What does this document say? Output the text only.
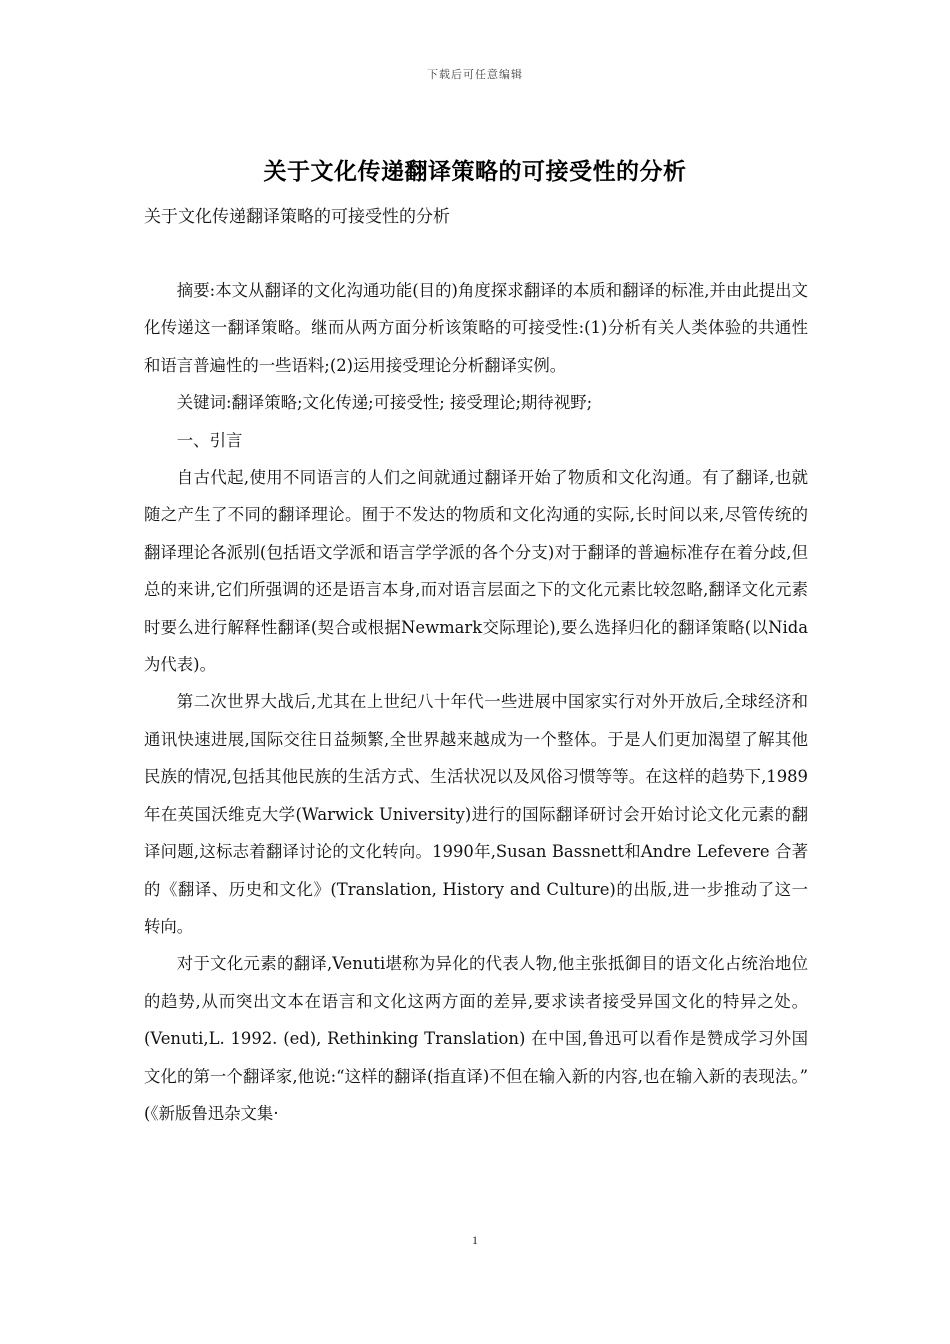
下载后可任意编辑
关于文化传递翻译策略的可接受性的分析
关于文化传递翻译策略的可接受性的分析

摘要:本文从翻译的文化沟通功能(目的)角度探求翻译的本质和翻译的标准,并由此提出文化传递这一翻译策略。继而从两方面分析该策略的可接受性:(1)分析有关人类体验的共通性和语言普遍性的一些语料;(2)运用接受理论分析翻译实例。

关键词:翻译策略;文化传递;可接受性; 接受理论;期待视野;

一、引言

自古代起,使用不同语言的人们之间就通过翻译开始了物质和文化沟通。有了翻译,也就随之产生了不同的翻译理论。囿于不发达的物质和文化沟通的实际,长时间以来,尽管传统的翻译理论各派别(包括语文学派和语言学学派的各个分支)对于翻译的普遍标准存在着分歧,但总的来讲,它们所强调的还是语言本身,而对语言层面之下的文化元素比较忽略,翻译文化元素时要么进行解释性翻译(契合或根据Newmark交际理论),要么选择归化的翻译策略(以Nida 为代表)。

第二次世界大战后,尤其在上世纪八十年代一些进展中国家实行对外开放后,全球经济和通讯快速进展,国际交往日益频繁,全世界越来越成为一个整体。于是人们更加渴望了解其他民族的情况,包括其他民族的生活方式、生活状况以及风俗习惯等等。在这样的趋势下,1989年在英国沃维克大学(Warwick University)进行的国际翻译研讨会开始讨论文化元素的翻译问题,这标志着翻译讨论的文化转向。1990年,Susan Bassnett和Andre Lefevere 合著的《翻译、历史和文化》(Translation, History and Culture)的出版,进一步推动了这一转向。

对于文化元素的翻译,Venuti堪称为异化的代表人物,他主张抵御目的语文化占统治地位的趋势,从而突出文本在语言和文化这两方面的差异,要求读者接受异国文化的特异之处。(Venuti,L. 1992. (ed), Rethinking Translation) 在中国,鲁迅可以看作是赞成学习外国文化的第一个翻译家,他说:“这样的翻译(指直译)不但在输入新的内容,也在输入新的表现法。” (《新版鲁迅杂文集·

1
